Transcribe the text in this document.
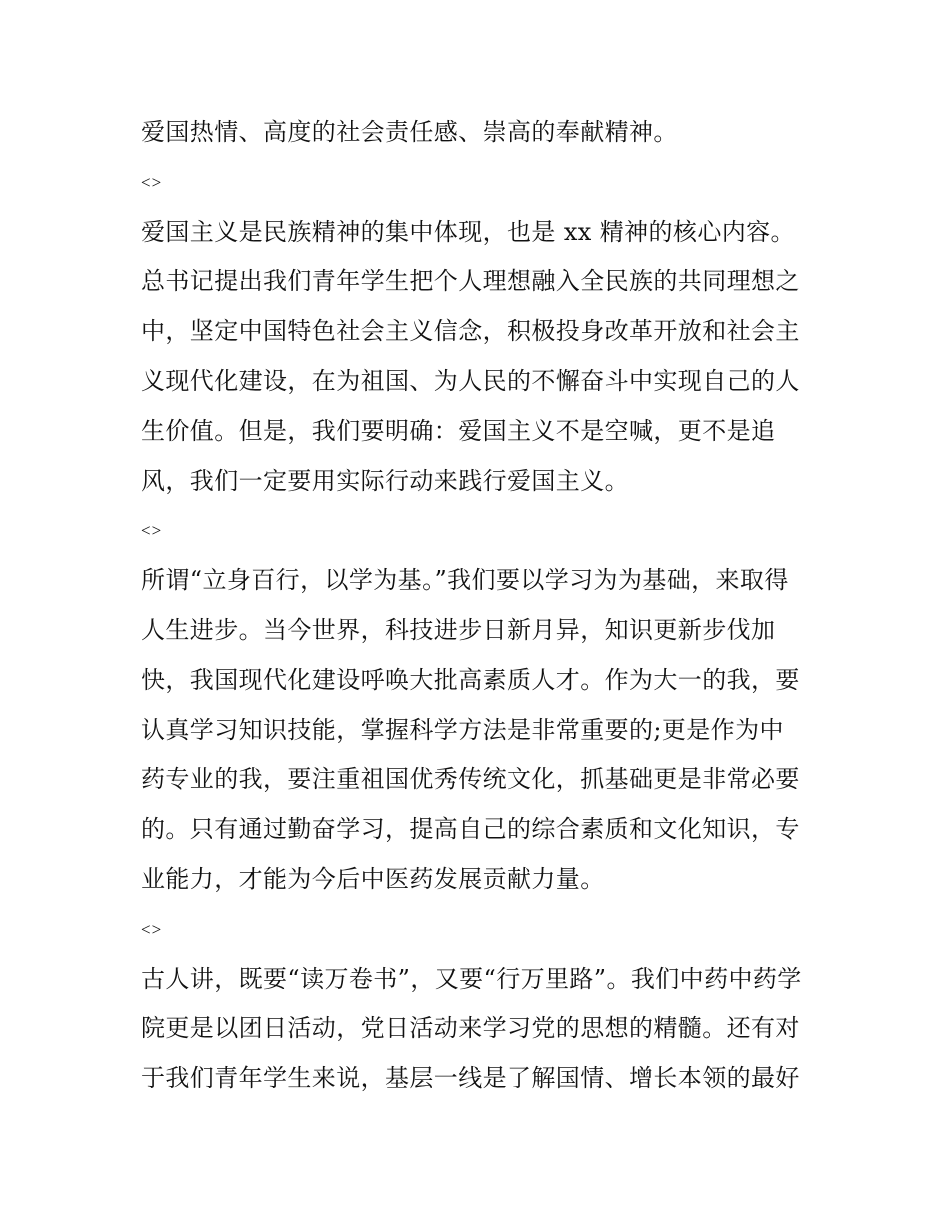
爱国热情、高度的社会责任感、崇高的奉献精神。
<>
爱国主义是民族精神的集中体现，也是 xx 精神的核心内容。
总书记提出我们青年学生把个人理想融入全民族的共同理想之
中，坚定中国特色社会主义信念，积极投身改革开放和社会主
义现代化建设，在为祖国、为人民的不懈奋斗中实现自己的人
生价值。但是，我们要明确：爱国主义不是空喊，更不是追
风，我们一定要用实际行动来践行爱国主义。
<>
所谓“立身百行，以学为基。”我们要以学习为为基础，来取得
人生进步。当今世界，科技进步日新月异，知识更新步伐加
快，我国现代化建设呼唤大批高素质人才。作为大一的我，要
认真学习知识技能，掌握科学方法是非常重要的;更是作为中
药专业的我，要注重祖国优秀传统文化，抓基础更是非常必要
的。只有通过勤奋学习，提高自己的综合素质和文化知识，专
业能力，才能为今后中医药发展贡献力量。
<>
古人讲，既要“读万卷书”，又要“行万里路”。我们中药中药学
院更是以团日活动，党日活动来学习党的思想的精髓。还有对
于我们青年学生来说，基层一线是了解国情、增长本领的最好
